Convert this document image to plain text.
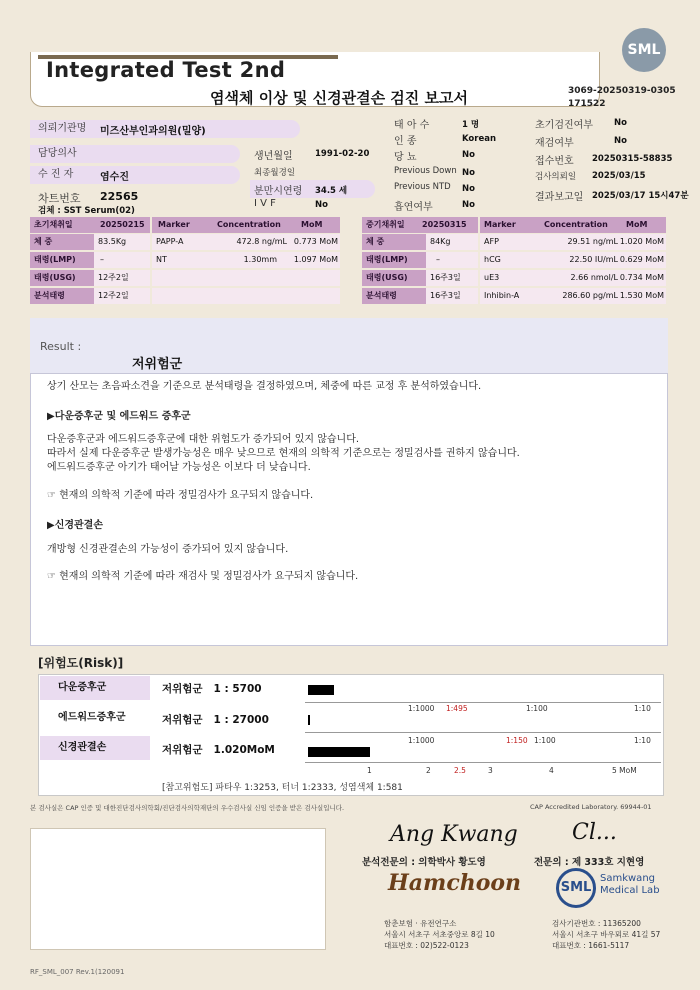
Integrated Test 2nd
염색체 이상 및 신경관결손 검진 보고서
SML
3069-20250319-0305
171522
의뢰기관명	미즈산부인과의원(밀양)
담당의사
수 진 자	염수진
차트번호 22565
검체 : SST Serum(02)
생년월일	1991-02-20
최종월경일
분만시연령 34.5 세
I V F	No
태 아 수	1 명
인 종	Korean
당 뇨	No
Previous Down No
Previous NTD No
흡연여부	No
초기검진여부 No
재검여부	No
접수번호 20250315-58835
검사의뢰일 2025/03/15
결과보고일 2025/03/17 15시47분
초기채취일	20250215	Marker	Concentration	MoM
체 중	83.5Kg	PAPP-A	472.8 ng/mL 0.773 MoM
태령(LMP)	–	NT	1.30mm	1.097 MoM
태령(USG)	12주2일
분석태령	12주2일
중기채취일	20250315	Marker	Concentration	MoM
체 중	84Kg	AFP	29.51 ng/mL 1.020 MoM
태령(LMP)	–	hCG	22.50 IU/mL 0.629 MoM
태령(USG)	16주3일	uE3	2.66 nmol/L 0.734 MoM
분석태령	16주3일	Inhibin-A	286.60 pg/mL 1.530 MoM
Result :
저위험군
상기 산모는 초음파소견을 기준으로 분석태령을 결정하였으며, 체중에 따른 교정 후 분석하였습니다.
▶다운증후군 및 에드워드 증후군
다운증후군과 에드워드증후군에 대한 위험도가 증가되어 있지 않습니다.
따라서 실제 다운증후군 발생가능성은 매우 낮으므로 현재의 의학적 기준으로는 정밀검사를 권하지 않습니다.
에드워드증후군 아기가 태어날 가능성은 이보다 더 낮습니다.
☞ 현재의 의학적 기준에 따라 정밀검사가 요구되지 않습니다.
▶신경관결손
개방형 신경관결손의 가능성이 증가되어 있지 않습니다.
☞ 현재의 의학적 기준에 따라 재검사 및 정밀검사가 요구되지 않습니다.
[위험도(Risk)]
다운증후군	저위험군 1 : 5700
1:1000 1:495	1:100	1:10
에드워드증후군	저위험군 1 : 27000
1:1000	1:150 1:100	1:10
신경관결손	저위험군 1.020MoM
1	2	2.5	3	4	5 MoM
[참고위험도] 파타우 1:3253, 터너 1:2333, 성염색체 1:581
본 검사실은 CAP 인증 및 대한진단검사의학회/진단검사의학재단의 우수검사실 신임 인증을 받은 검사실입니다.	CAP Accredited Laboratory. 69944-01
Ang Kwang
분석전문의 : 의학박사 황도영
Cl...
전문의 : 제 333호 지현영
Hamchoon	SML
Samkwang
Medical Lab
함춘보험 · 유전연구소
서울시 서초구 서초중앙로 8길 10
대표번호 : 02)522-0123
검사기관번호 : 11365200
서울시 서초구 바우뫼로 41길 57
대표번호 : 1661-5117
RF_SML_007 Rev.1(120091
